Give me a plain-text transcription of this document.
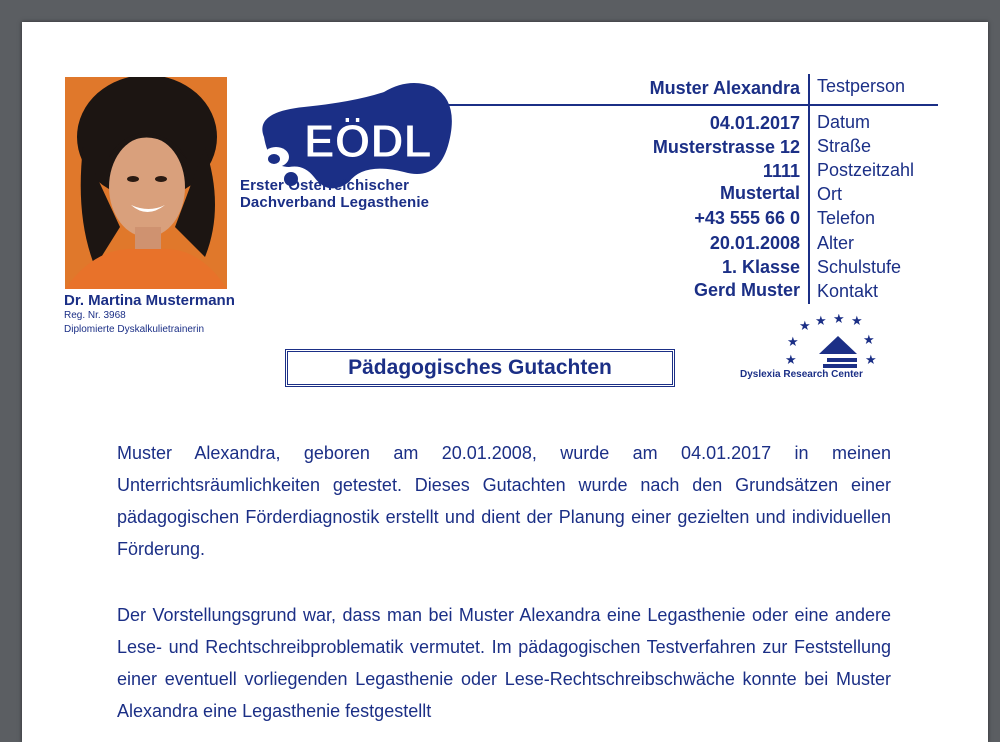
Dr. Martina Mustermann
Reg. Nr. 3968
Diplomierte Dyskalkulietrainerin
EÖDL
Erster Österreichischer
Dachverband Legasthenie
Muster Alexandra Testperson
04.01.2017 Datum
Musterstrasse 12 Straße
1111 Postzeitzahl
Mustertal Ort
+43 555 66 0 Telefon
20.01.2008 Alter
1. Klasse Schulstufe
Gerd Muster Kontakt
★ ★ ★ ★
★	★
★	★
Dyslexia Research Center
Pädagogisches Gutachten
Muster Alexandra, geboren am 20.01.2008, wurde am 04.01.2017 in meinen Unterrichtsräumlichkeiten getestet. Dieses Gutachten wurde nach den Grundsätzen einer pädagogischen Förderdiagnostik erstellt und dient der Planung einer gezielten und individuellen Förderung.
Der Vorstellungsgrund war, dass man bei Muster Alexandra eine Legasthenie oder eine andere Lese- und Rechtschreibproblematik vermutet. Im pädagogischen Testverfahren zur Feststellung einer eventuell vorliegenden Legasthenie oder Lese-Rechtschreibschwäche konnte bei Muster Alexandra eine Legasthenie festgestellt
